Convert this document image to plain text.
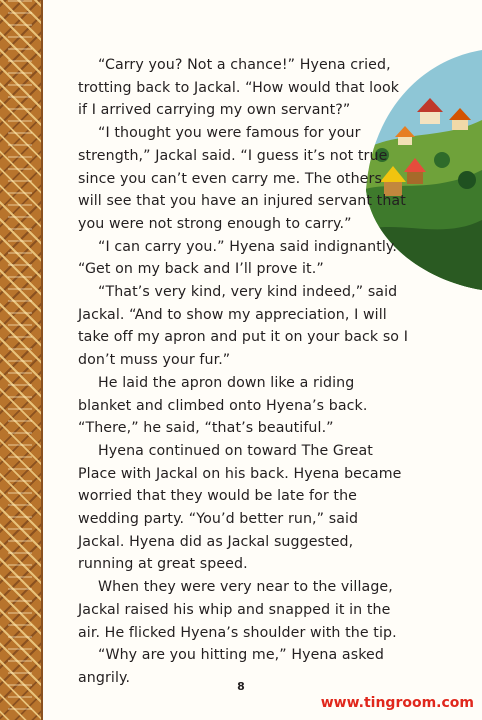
“Carry you? Not a chance!” Hyena cried, trotting back to Jackal. “How would that look if I arrived carrying my own servant?”

“I thought you were famous for your strength,” Jackal said. “I guess it’s not true since you can’t even carry me. The others will see that you have an injured servant that you were not strong enough to carry.”

“I can carry you.” Hyena said indignantly. “Get on my back and I’ll prove it.”

“That’s very kind, very kind indeed,” said Jackal. “And to show my appreciation, I will take off my apron and put it on your back so I don’t muss your fur.”

He laid the apron down like a riding blanket and climbed onto Hyena’s back. “There,” he said, “that’s beautiful.”

Hyena continued on toward The Great Place with Jackal on his back. Hyena became worried that they would be late for the wedding party. “You’d better run,” said Jackal. Hyena did as Jackal suggested, running at great speed.

When they were very near to the village, Jackal raised his whip and snapped it in the air. He flicked Hyena’s shoulder with the tip.

“Why are you hitting me,” Hyena asked angrily.

8
www.tingroom.com
